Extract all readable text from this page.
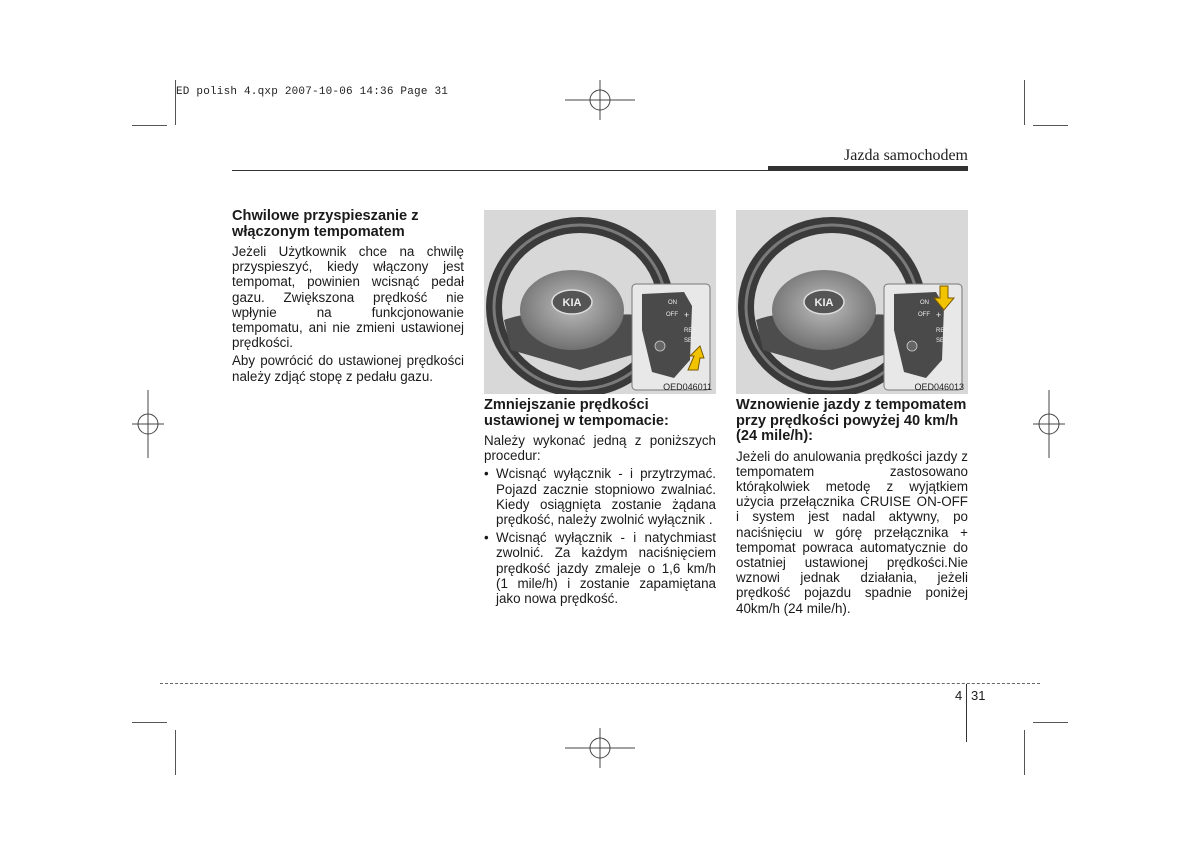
ED polish 4.qxp 2007-10-06 14:36 Page 31
Jazda samochodem
Chwilowe przyspieszanie z włączonym tempomatem

Jeżeli Użytkownik chce na chwilę przyspieszyć, kiedy włączony jest tempomat, powinien wcisnąć pedał gazu. Zwiększona prędkość nie wpłynie na funkcjonowanie tempomatu, ani nie zmieni ustawionej prędkości.

Aby powrócić do ustawionej prędkości należy zdjąć stopę z pedału gazu.

KIA	ON
OFF +
RES
SET
OED046011
Zmniejszanie prędkości ustawionej w tempomacie:

Należy wykonać jedną z poniższych procedur:

• Wcisnąć wyłącznik - i przytrzymać. Pojazd zacznie stopniowo zwalniać. Kiedy osiągnięta zostanie żądana prędkość, należy zwolnić wyłącznik .
• Wcisnąć wyłącznik - i natychmiast zwolnić. Za każdym naciśnięciem prędkość jazdy zmaleje o 1,6 km/h (1 mile/h) i zostanie zapamiętana jako nowa prędkość.
KIA	ON
OFF +
RES
SET
OED046013
Wznowienie jazdy z tempomatem przy prędkości powyżej 40 km/h (24 mile/h):

Jeżeli do anulowania prędkości jazdy z tempomatem zastosowano którąkolwiek metodę z wyjątkiem użycia przełącznika CRUISE ON-OFF i system jest nadal aktywny, po naciśnięciu w górę przełącznika + tempomat powraca automatycznie do ostatniej ustawionej prędkości.Nie wznowi jednak działania, jeżeli prędkość pojazdu spadnie poniżej 40km/h (24 mile/h).

4 31
